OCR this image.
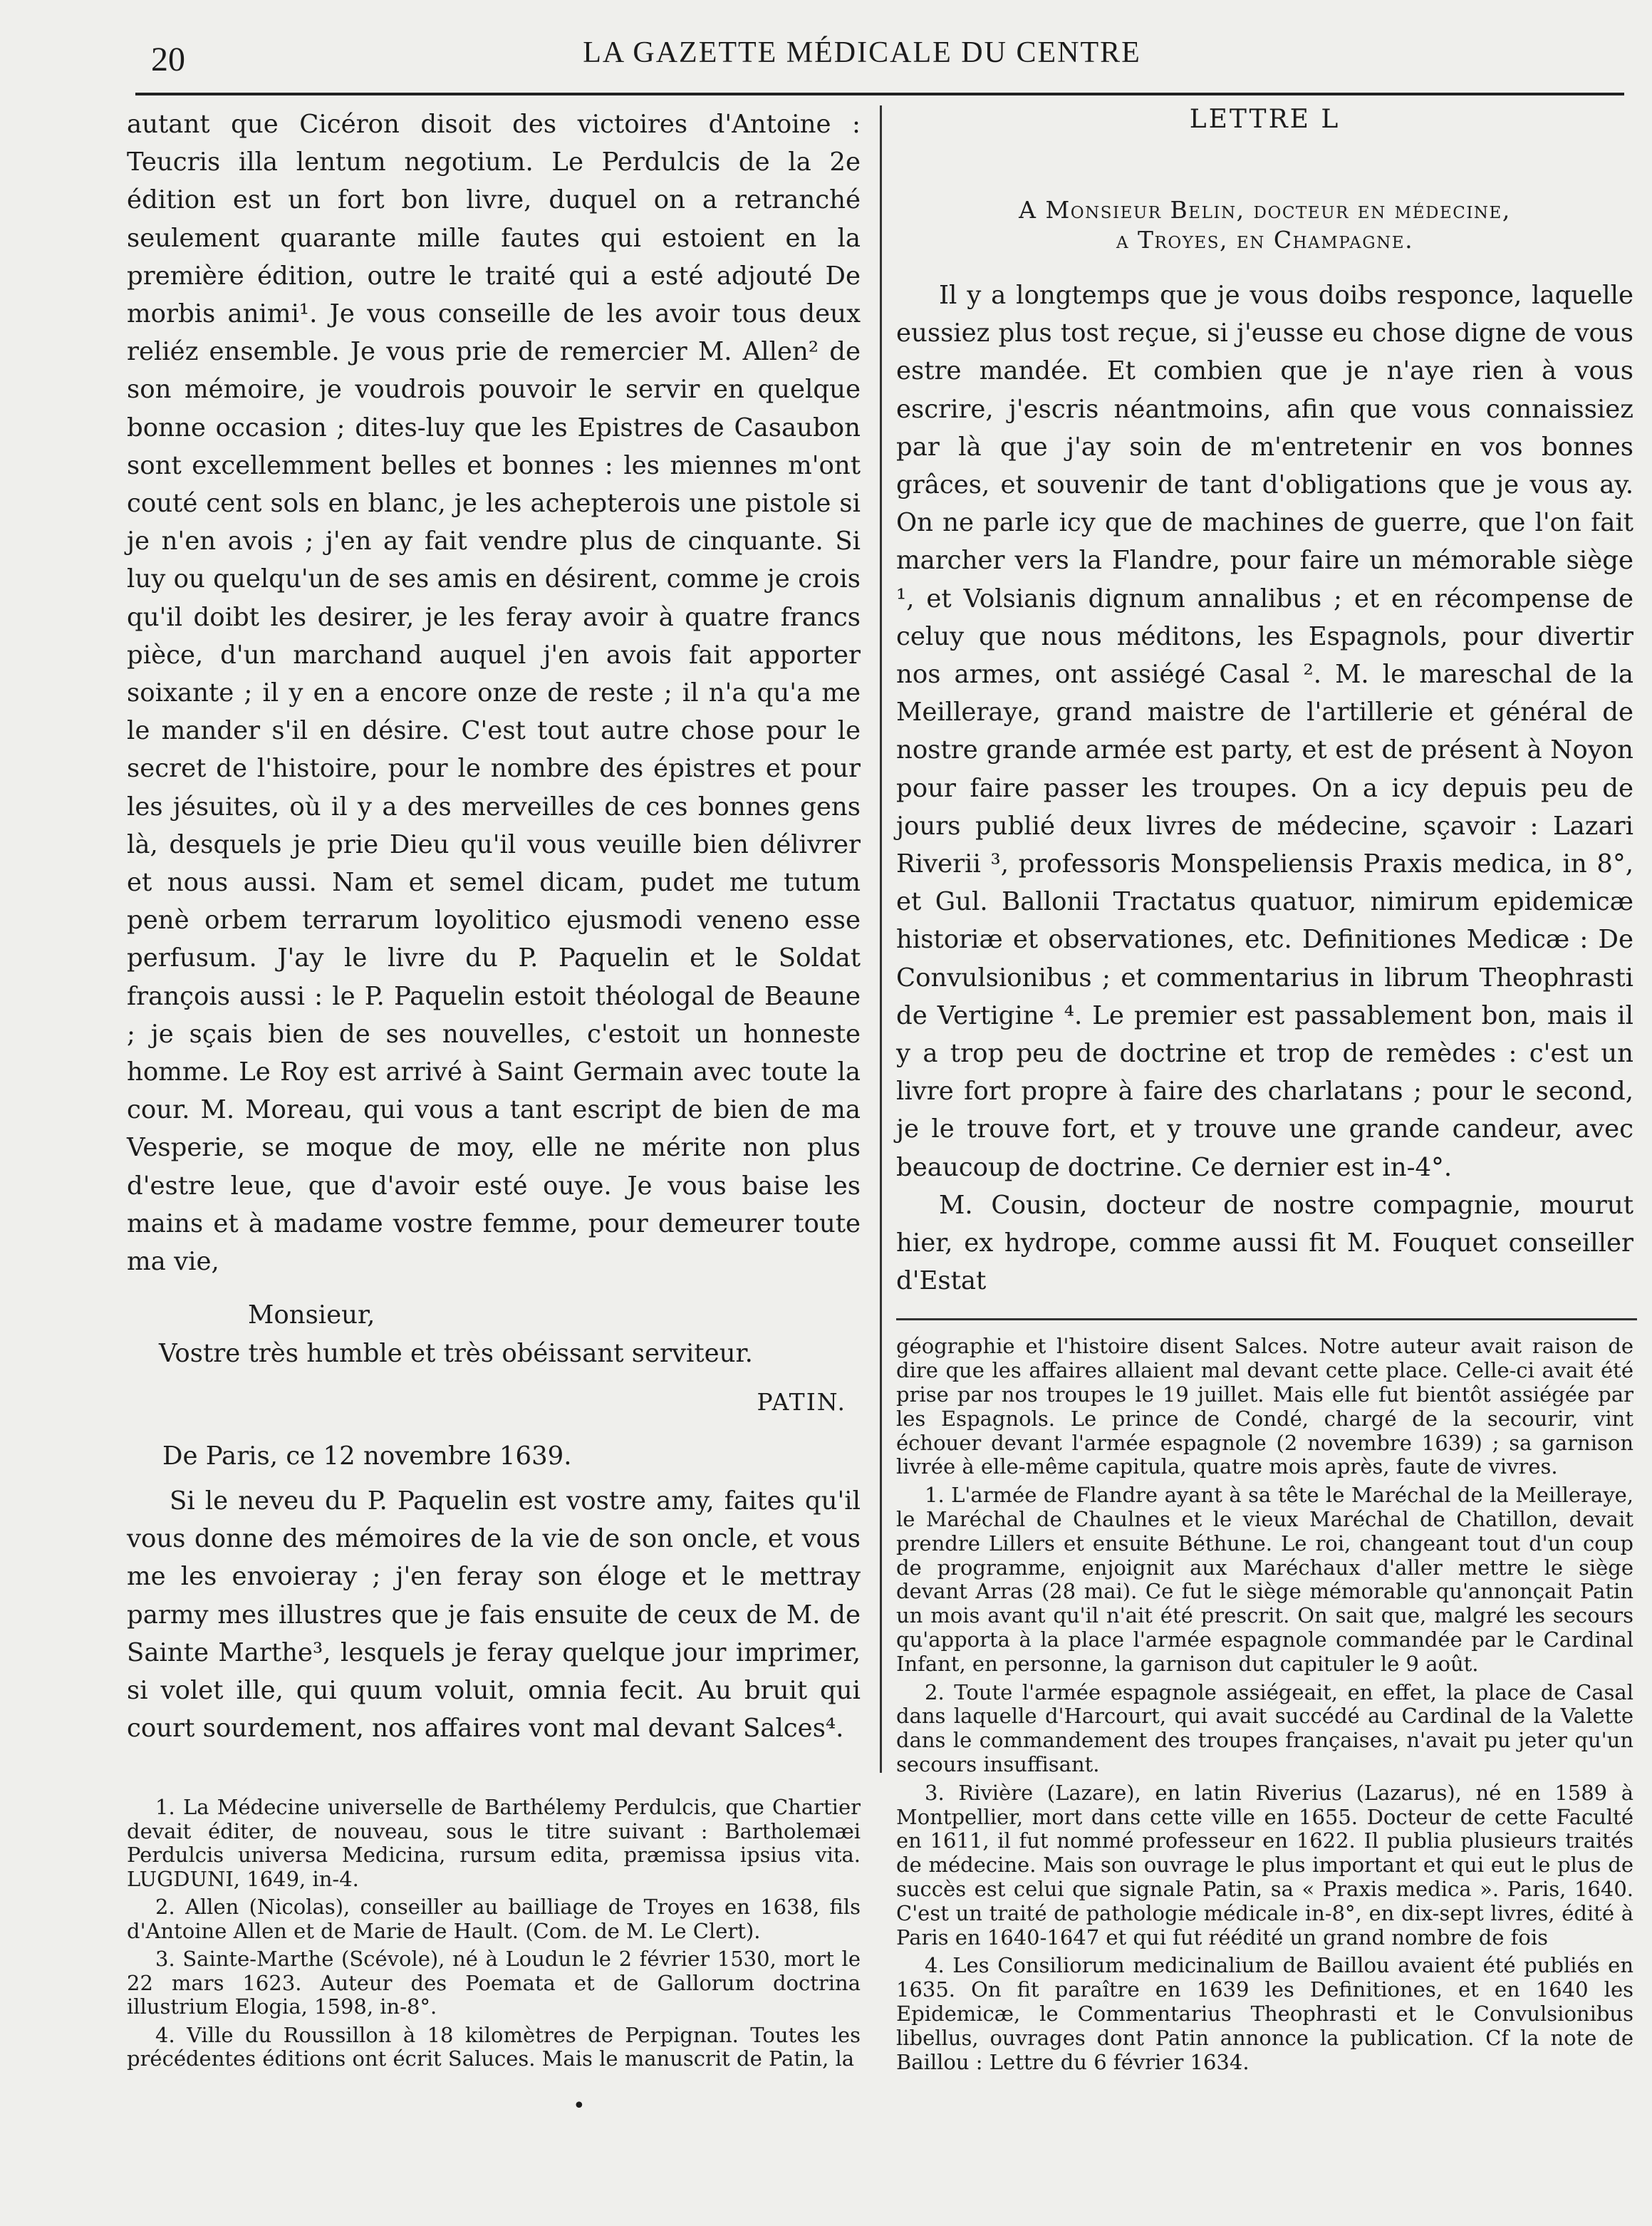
20	LA GAZETTE MÉDICALE DU CENTRE

autant que Cicéron disoit des victoires d'Antoine : Teucris illa lentum negotium. Le Perdulcis de la 2e édition est un fort bon livre, duquel on a retranché seulement quarante mille fautes qui estoient en la première édition, outre le traité qui a esté adjouté De morbis animi¹. Je vous conseille de les avoir tous deux reliéz ensemble. Je vous prie de remercier M. Allen² de son mémoire, je voudrois pouvoir le servir en quelque bonne occasion ; dites-luy que les Epistres de Casaubon sont excellemment belles et bonnes : les miennes m'ont couté cent sols en blanc, je les achepterois une pistole si je n'en avois ; j'en ay fait vendre plus de cinquante. Si luy ou quelqu'un de ses amis en désirent, comme je crois qu'il doibt les desirer, je les feray avoir à quatre francs pièce, d'un marchand auquel j'en avois fait apporter soixante ; il y en a encore onze de reste ; il n'a qu'a me le mander s'il en désire. C'est tout autre chose pour le secret de l'histoire, pour le nombre des épistres et pour les jésuites, où il y a des merveilles de ces bonnes gens là, desquels je prie Dieu qu'il vous veuille bien délivrer et nous aussi. Nam et semel dicam, pudet me tutum penè orbem terrarum loyolitico ejusmodi veneno esse perfusum. J'ay le livre du P. Paquelin et le Soldat françois aussi : le P. Paquelin estoit théologal de Beaune ; je sçais bien de ses nouvelles, c'estoit un honneste homme. Le Roy est arrivé à Saint Germain avec toute la cour. M. Moreau, qui vous a tant escript de bien de ma Vesperie, se moque de moy, elle ne mérite non plus d'estre leue, que d'avoir esté ouye. Je vous baise les mains et à madame vostre femme, pour demeurer toute ma vie,

Monsieur,

Vostre très humble et très obéissant serviteur.

PATIN.

De Paris, ce 12 novembre 1639.

Si le neveu du P. Paquelin est vostre amy, faites qu'il vous donne des mémoires de la vie de son oncle, et vous me les envoieray ; j'en feray son éloge et le mettray parmy mes illustres que je fais ensuite de ceux de M. de Sainte Marthe³, lesquels je feray quelque jour imprimer, si volet ille, qui quum voluit, omnia fecit. Au bruit qui court sourdement, nos affaires vont mal devant Salces⁴.

1. La Médecine universelle de Barthélemy Perdulcis, que Chartier devait éditer, de nouveau, sous le titre suivant : Bartholemæi Perdulcis universa Medicina, rursum edita, præmissa ipsius vita. LUGDUNI, 1649, in-4.

2. Allen (Nicolas), conseiller au bailliage de Troyes en 1638, fils d'Antoine Allen et de Marie de Hault. (Com. de M. Le Clert).

3. Sainte-Marthe (Scévole), né à Loudun le 2 février 1530, mort le 22 mars 1623. Auteur des Poemata et de Gallorum doctrina illustrium Elogia, 1598, in-8°.

4. Ville du Roussillon à 18 kilomètres de Perpignan. Toutes les précédentes éditions ont écrit Saluces. Mais le manuscrit de Patin, la

LETTRE L

A Monsieur Belin, docteur en médecine,
a Troyes, en Champagne.

Il y a longtemps que je vous doibs responce, laquelle eussiez plus tost reçue, si j'eusse eu chose digne de vous estre mandée. Et combien que je n'aye rien à vous escrire, j'escris néantmoins, afin que vous connaissiez par là que j'ay soin de m'entretenir en vos bonnes grâces, et souvenir de tant d'obligations que je vous ay. On ne parle icy que de machines de guerre, que l'on fait marcher vers la Flandre, pour faire un mémorable siège ¹, et Volsianis dignum annalibus ; et en récompense de celuy que nous méditons, les Espagnols, pour divertir nos armes, ont assiégé Casal ². M. le mareschal de la Meilleraye, grand maistre de l'artillerie et général de nostre grande armée est party, et est de présent à Noyon pour faire passer les troupes. On a icy depuis peu de jours publié deux livres de médecine, sçavoir : Lazari Riverii ³, professoris Monspeliensis Praxis medica, in 8°, et Gul. Ballonii Tractatus quatuor, nimirum epidemicæ historiæ et observationes, etc. Definitiones Medicæ : De Convulsionibus ; et commentarius in librum Theophrasti de Vertigine ⁴. Le premier est passablement bon, mais il y a trop peu de doctrine et trop de remèdes : c'est un livre fort propre à faire des charlatans ; pour le second, je le trouve fort, et y trouve une grande candeur, avec beaucoup de doctrine. Ce dernier est in-4°.

M. Cousin, docteur de nostre compagnie, mourut hier, ex hydrope, comme aussi fit M. Fouquet conseiller d'Estat

géographie et l'histoire disent Salces. Notre auteur avait raison de dire que les affaires allaient mal devant cette place. Celle-ci avait été prise par nos troupes le 19 juillet. Mais elle fut bientôt assiégée par les Espagnols. Le prince de Condé, chargé de la secourir, vint échouer devant l'armée espagnole (2 novembre 1639) ; sa garnison livrée à elle-même capitula, quatre mois après, faute de vivres.

1. L'armée de Flandre ayant à sa tête le Maréchal de la Meilleraye, le Maréchal de Chaulnes et le vieux Maréchal de Chatillon, devait prendre Lillers et ensuite Béthune. Le roi, changeant tout d'un coup de programme, enjoignit aux Maréchaux d'aller mettre le siège devant Arras (28 mai). Ce fut le siège mémorable qu'annonçait Patin un mois avant qu'il n'ait été prescrit. On sait que, malgré les secours qu'apporta à la place l'armée espagnole commandée par le Cardinal Infant, en personne, la garnison dut capituler le 9 août.

2. Toute l'armée espagnole assiégeait, en effet, la place de Casal dans laquelle d'Harcourt, qui avait succédé au Cardinal de la Valette dans le commandement des troupes françaises, n'avait pu jeter qu'un secours insuffisant.

3. Rivière (Lazare), en latin Riverius (Lazarus), né en 1589 à Montpellier, mort dans cette ville en 1655. Docteur de cette Faculté en 1611, il fut nommé professeur en 1622. Il publia plusieurs traités de médecine. Mais son ouvrage le plus important et qui eut le plus de succès est celui que signale Patin, sa « Praxis medica ». Paris, 1640. C'est un traité de pathologie médicale in-8°, en dix-sept livres, édité à Paris en 1640-1647 et qui fut réédité un grand nombre de fois

4. Les Consiliorum medicinalium de Baillou avaient été publiés en 1635. On fit paraître en 1639 les Definitiones, et en 1640 les Epidemicæ, le Commentarius Theophrasti et le Convulsionibus libellus, ouvrages dont Patin annonce la publication. Cf la note de Baillou : Lettre du 6 février 1634.

•
